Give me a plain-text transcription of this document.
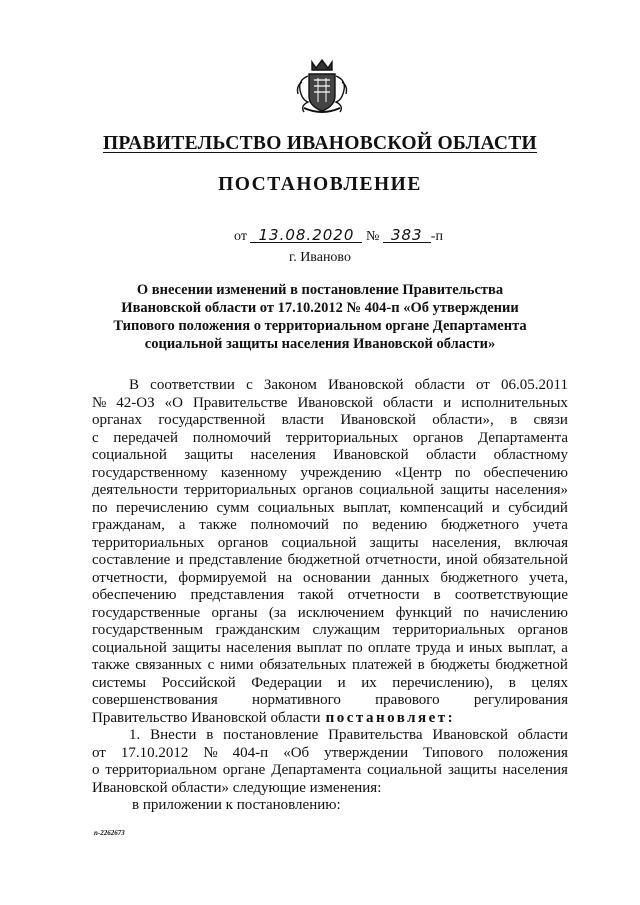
ПРАВИТЕЛЬСТВО ИВАНОВСКОЙ ОБЛАСТИ
ПОСТАНОВЛЕНИЕ
от 13.08.2020 № 383 -п
г. Иваново
О внесении изменений в постановление Правительства
Ивановской области от 17.10.2012 № 404-п «Об утверждении
Типового положения о территориальном органе Департамента
социальной защиты населения Ивановской области»
В соответствии с Законом Ивановской области от 06.05.2011
№ 42-ОЗ «О Правительстве Ивановской области и исполнительных
органах государственной власти Ивановской области», в связи
с передачей полномочий территориальных органов Департамента
социальной защиты населения Ивановской области областному
государственному казенному учреждению «Центр по обеспечению
деятельности территориальных органов социальной защиты населения»
по перечислению сумм социальных выплат, компенсаций и субсидий
гражданам, а также полномочий по ведению бюджетного учета
территориальных органов социальной защиты населения, включая
составление и представление бюджетной отчетности, иной обязательной
отчетности, формируемой на основании данных бюджетного учета,
обеспечению представления такой отчетности в соответствующие
государственные органы (за исключением функций по начислению
государственным гражданским служащим территориальных органов
социальной защиты населения выплат по оплате труда и иных выплат, а
также связанных с ними обязательных платежей в бюджеты бюджетной
системы Российской Федерации и их перечислению), в целях
совершенствования нормативного правового регулирования
Правительство Ивановской области постановляет:
1. Внести в постановление Правительства Ивановской области
от 17.10.2012 № 404-п «Об утверждении Типового положения
о территориальном органе Департамента социальной защиты населения
Ивановской области» следующие изменения:
в приложении к постановлению:
п-2262673
